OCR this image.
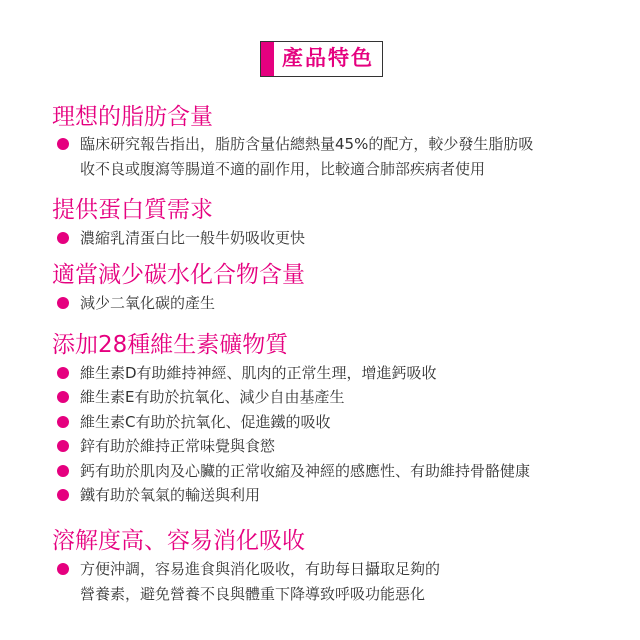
產品特色
理想的脂肪含量
臨床研究報告指出，脂肪含量佔總熱量45%的配方，較少發生脂肪吸
收不良或腹瀉等腸道不適的副作用，比較適合肺部疾病者使用
提供蛋白質需求
濃縮乳清蛋白比一般牛奶吸收更快
適當減少碳水化合物含量
減少二氧化碳的產生
添加28種維生素礦物質
維生素D有助維持神經、肌肉的正常生理，增進鈣吸收
維生素E有助於抗氧化、減少自由基產生
維生素C有助於抗氧化、促進鐵的吸收
鋅有助於維持正常味覺與食慾
鈣有助於肌肉及心臟的正常收縮及神經的感應性、有助維持骨骼健康
鐵有助於氧氣的輸送與利用
溶解度高、容易消化吸收
方便沖調，容易進食與消化吸收，有助每日攝取足夠的
營養素，避免營養不良與體重下降導致呼吸功能惡化
